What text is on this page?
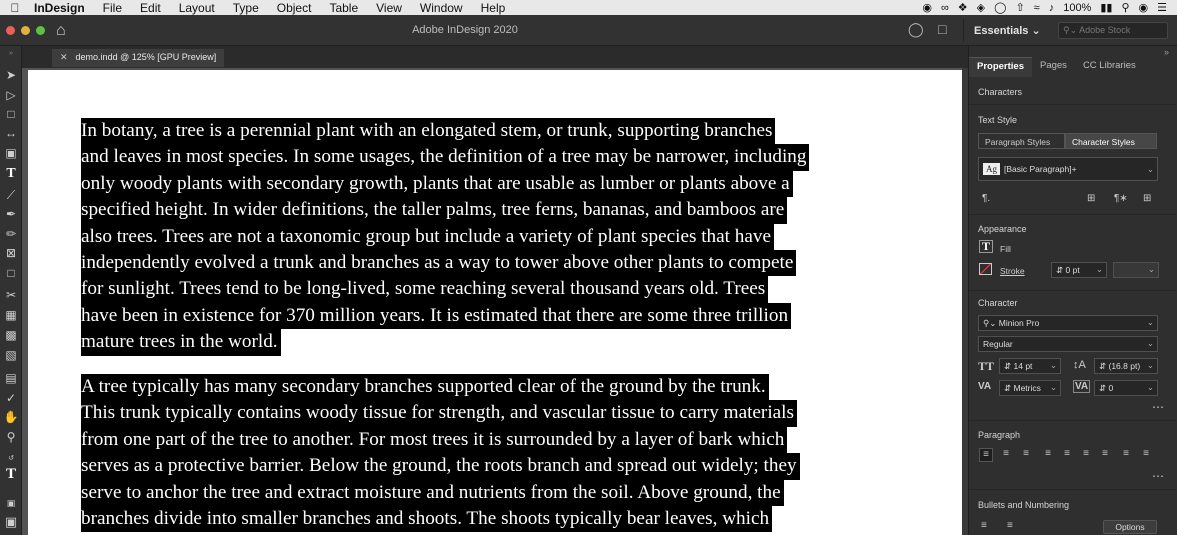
InDesign	File	Edit	Layout	Type	Object	Table	View	Window	Help	◉ ∞ ❖ ◈ ◯ ⇧ ≈ ♪ 100% ▮▮ ⚲ ◉ ☰
⌂	Adobe InDesign 2020	◯ □	Essentials ⌄	⚲⌄ Adobe Stock
»
➤
▷
□
↔
▣
T
⟋
✒
✏
⊠
□
✂
▦
▩
▧
▤
✓
✋
⚲
↺
T
▣
▣
✕ demo.indd @ 125% [GPU Preview]
In botany, a tree is a perennial plant with an elongated stem, or trunk, supporting branches
and leaves in most species. In some usages, the definition of a tree may be narrower, including
only woody plants with secondary growth, plants that are usable as lumber or plants above a
specified height. In wider definitions, the taller palms, tree ferns, bananas, and bamboos are
also trees. Trees are not a taxonomic group but include a variety of plant species that have
independently evolved a trunk and branches as a way to tower above other plants to compete
for sunlight. Trees tend to be long-lived, some reaching several thousand years old. Trees
have been in existence for 370 million years. It is estimated that there are some three trillion
mature trees in the world.
A tree typically has many secondary branches supported clear of the ground by the trunk.
This trunk typically contains woody tissue for strength, and vascular tissue to carry materials
from one part of the tree to another. For most trees it is surrounded by a layer of bark which
serves as a protective barrier. Below the ground, the roots branch and spread out widely; they
serve to anchor the tree and extract moisture and nutrients from the soil. Above ground, the
branches divide into smaller branches and shoots. The shoots typically bear leaves, which
»
Properties	Pages	CC Libraries
Characters
Text Style
Paragraph Styles	Character Styles
Ag [Basic Paragraph]+	⌄
¶.	⊞ ¶∗ ⊞
Appearance
T	Fill
Stroke	⇵ 0 pt ⌄	⌄
Character
⚲⌄ Minion Pro	⌄
Regular	⌄
TT	⇵ 14 pt ⌄ ↕A	⇵ (16.8 pt) ⌄
VA	⇵ Metrics ⌄ VA	⇵ 0	⌄
⋯
Paragraph
≡	≡	≡	≡	≡	≡	≡	≡	≡
⋯
Bullets and Numbering
≡ ≡	Options
